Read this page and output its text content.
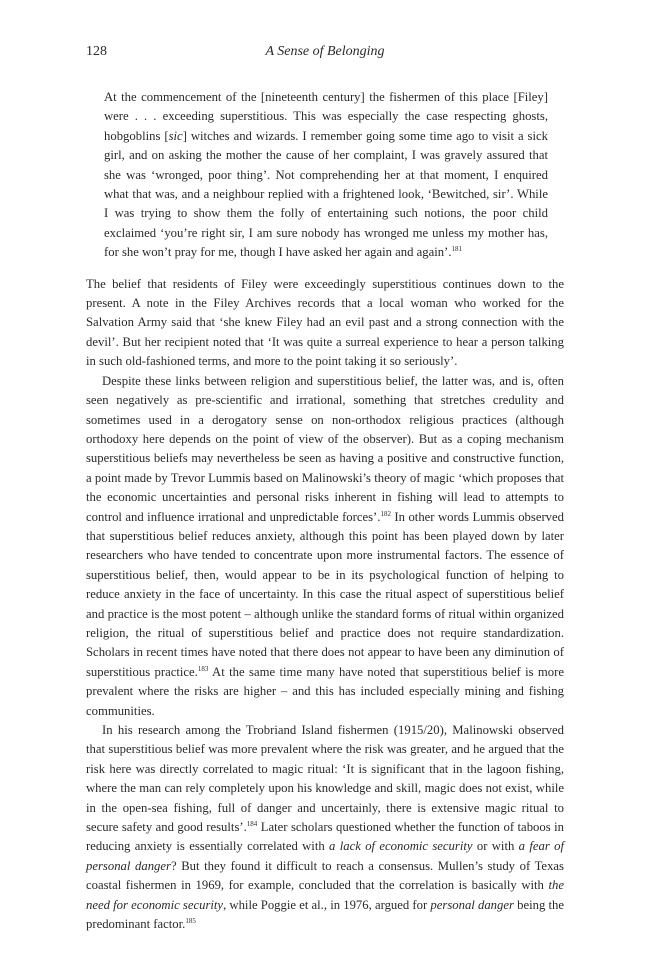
128	A Sense of Belonging

At the commencement of the [nineteenth century] the fishermen of this place [Filey] were . . . exceeding superstitious. This was especially the case respecting ghosts, hobgoblins [sic] witches and wizards. I remember going some time ago to visit a sick girl, and on asking the mother the cause of her complaint, I was gravely assured that she was ‘wronged, poor thing’. Not comprehending her at that moment, I enquired what that was, and a neighbour replied with a frightened look, ‘Bewitched, sir’. While I was trying to show them the folly of entertaining such notions, the poor child exclaimed ‘you’re right sir, I am sure nobody has wronged me unless my mother has, for she won’t pray for me, though I have asked her again and again’.$^{181}$

The belief that residents of Filey were exceedingly superstitious continues down to the present. A note in the Filey Archives records that a local woman who worked for the Salvation Army said that ‘she knew Filey had an evil past and a strong connection with the devil’. But her recipient noted that ‘It was quite a surreal experience to hear a person talking in such old-fashioned terms, and more to the point taking it so seriously’.

Despite these links between religion and superstitious belief, the latter was, and is, often seen negatively as pre-scientific and irrational, something that stretches credulity and sometimes used in a derogatory sense on non-orthodox religious practices (although orthodoxy here depends on the point of view of the observer). But as a coping mechanism superstitious beliefs may nevertheless be seen as having a positive and constructive function, a point made by Trevor Lummis based on Malinowski’s theory of magic ‘which proposes that the economic uncertainties and personal risks inherent in fishing will lead to attempts to control and influence irrational and unpredictable forces’.$^{182}$ In other words Lummis observed that superstitious belief reduces anxiety, although this point has been played down by later researchers who have tended to concentrate upon more instrumental factors. The essence of superstitious belief, then, would appear to be in its psychological function of helping to reduce anxiety in the face of uncertainty. In this case the ritual aspect of superstitious belief and practice is the most potent – although unlike the standard forms of ritual within organized religion, the ritual of superstitious belief and practice does not require standardization. Scholars in recent times have noted that there does not appear to have been any diminution of superstitious practice.$^{183}$ At the same time many have noted that superstitious belief is more prevalent where the risks are higher – and this has included especially mining and fishing communities.

In his research among the Trobriand Island fishermen (1915/20), Malinowski observed that superstitious belief was more prevalent where the risk was greater, and he argued that the risk here was directly correlated to magic ritual: ‘It is significant that in the lagoon fishing, where the man can rely completely upon his knowledge and skill, magic does not exist, while in the open-sea fishing, full of danger and uncertainly, there is extensive magic ritual to secure safety and good results’.$^{184}$ Later scholars questioned whether the function of taboos in reducing anxiety is essentially correlated with a lack of economic security or with a fear of personal danger? But they found it difficult to reach a consensus. Mullen’s study of Texas coastal fishermen in 1969, for example, concluded that the correlation is basically with the need for economic security, while Poggie et al., in 1976, argued for personal danger being the predominant factor.$^{185}$
